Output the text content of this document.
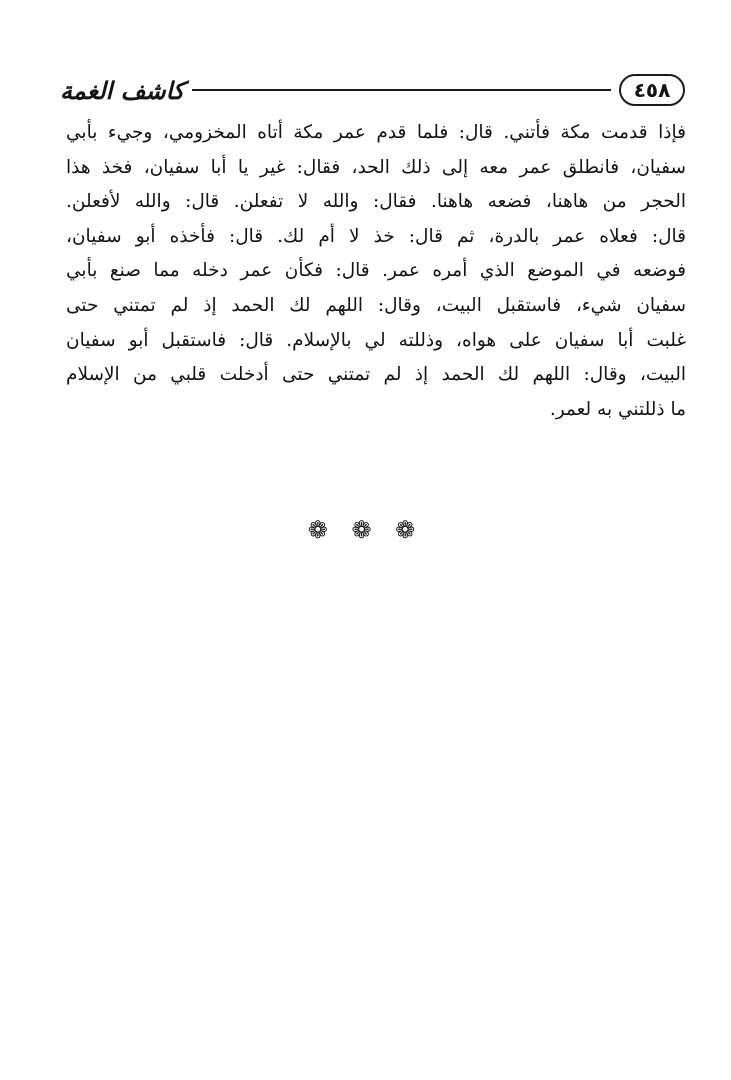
٤٥٨
كاشف الغمة
فإذا قدمت مكة فأتني. قال: فلما قدم عمر مكة أتاه المخزومي، وجيء بأبي
سفيان، فانطلق عمر معه إلى ذلك الحد، فقال: غير يا أبا سفيان، فخذ هذا
الحجر من هاهنا، فضعه هاهنا. فقال: والله لا تفعلن. قال: والله لأفعلن.
قال: فعلاه عمر بالدرة، ثم قال: خذ لا أم لك. قال: فأخذه أبو سفيان،
فوضعه في الموضع الذي أمره عمر. قال: فكأن عمر دخله مما صنع بأبي
سفيان شيء، فاستقبل البيت، وقال: اللهم لك الحمد إذ لم تمتني حتى
غلبت أبا سفيان على هواه، وذللته لي بالإسلام. قال: فاستقبل أبو سفيان
البيت، وقال: اللهم لك الحمد إذ لم تمتني حتى أدخلت قلبي من الإسلام
ما ذللتني به لعمر.
❁ ❁ ❁
